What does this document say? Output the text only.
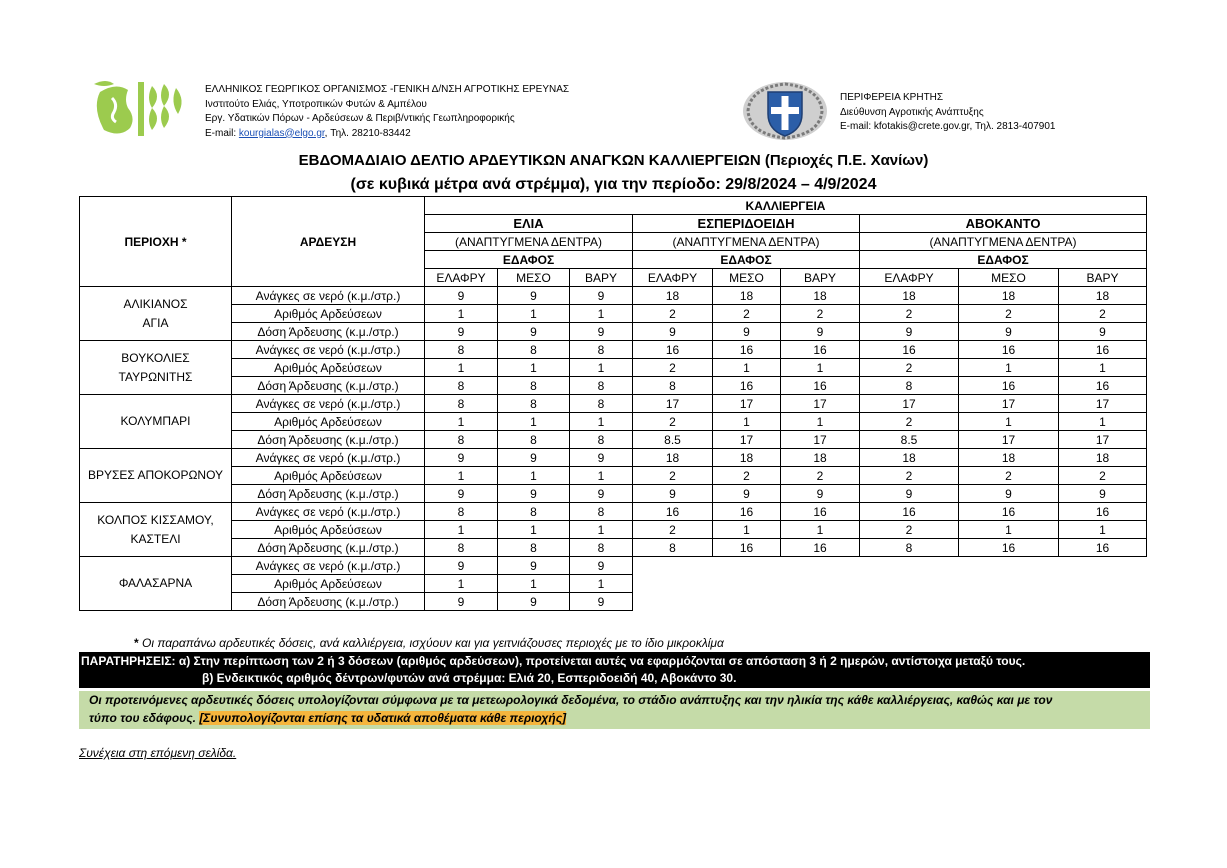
ΕΛΛΗΝΙΚΟΣ ΓΕΩΡΓΙΚΟΣ ΟΡΓΑΝΙΣΜΟΣ -ΓΕΝΙΚΗ Δ/ΝΣΗ ΑΓΡΟΤΙΚΗΣ ΕΡΕΥΝΑΣ
Ινστιτούτο Ελιάς, Υποτροπικών Φυτών & Αμπέλου
Εργ. Υδατικών Πόρων - Αρδεύσεων & Περιβ/ντικής Γεωπληροφορικής
E-mail: kourgialas@elgo.gr, Τηλ. 28210-83442
ΠΕΡΙΦΕΡΕΙΑ ΚΡΗΤΗΣ
Διεύθυνση Αγροτικής Ανάπτυξης
E-mail: kfotakis@crete.gov.gr, Τηλ. 2813-407901
ΕΒΔΟΜΑΔΙΑΙΟ ΔΕΛΤΙΟ ΑΡΔΕΥΤΙΚΩΝ ΑΝΑΓΚΩΝ ΚΑΛΛΙΕΡΓΕΙΩΝ (Περιοχές Π.Ε. Χανίων)
(σε κυβικά μέτρα ανά στρέμμα), για την περίοδο: 29/8/2024 – 4/9/2024
ΠΕΡΙΟΧΗ *	ΑΡΔΕΥΣΗ	ΚΑΛΛΙΕΡΓΕΙΑ								
		ΕΛΙΑ			ΕΣΠΕΡΙΔΟΕΙΔΗ			ΑΒΟΚΑΝΤΟ		
		(ΑΝΑΠΤΥΓΜΕΝΑ ΔΕΝΤΡΑ)			(ΑΝΑΠΤΥΓΜΕΝΑ ΔΕΝΤΡΑ)			(ΑΝΑΠΤΥΓΜΕΝΑ ΔΕΝΤΡΑ)		
		ΕΔΑΦΟΣ			ΕΔΑΦΟΣ			ΕΔΑΦΟΣ		
		ΕΛΑΦΡΥ	ΜΕΣΟ	ΒΑΡΥ	ΕΛΑΦΡΥ	ΜΕΣΟ	ΒΑΡΥ	ΕΛΑΦΡΥ	ΜΕΣΟ	ΒΑΡΥ

ΑΛΙΚΙΑΝΟΣ
ΑΓΙΑ	Ανάγκες σε νερό (κ.μ./στρ.)	9	9	9	18	18	18	18	18	18
	Αριθμός Αρδεύσεων	1	1	1	2	2	2	2	2	2
	Δόση Άρδευσης (κ.μ./στρ.)	9	9	9	9	9	9	9	9	9

ΒΟΥΚΟΛΙΕΣ
ΤΑΥΡΩΝΙΤΗΣ	Ανάγκες σε νερό (κ.μ./στρ.)	8	8	8	16	16	16	16	16	16
	Αριθμός Αρδεύσεων	1	1	1	2	1	1	2	1	1
	Δόση Άρδευσης (κ.μ./στρ.)	8	8	8	8	16	16	8	16	16

ΚΟΛΥΜΠΑΡΙ	Ανάγκες σε νερό (κ.μ./στρ.)	8	8	8	17	17	17	17	17	17
	Αριθμός Αρδεύσεων	1	1	1	2	1	1	2	1	1
	Δόση Άρδευσης (κ.μ./στρ.)	8	8	8	8.5	17	17	8.5	17	17

ΒΡΥΣΕΣ ΑΠΟΚΟΡΩΝΟΥ	Ανάγκες σε νερό (κ.μ./στρ.)	9	9	9	18	18	18	18	18	18
	Αριθμός Αρδεύσεων	1	1	1	2	2	2	2	2	2
	Δόση Άρδευσης (κ.μ./στρ.)	9	9	9	9	9	9	9	9	9

ΚΟΛΠΟΣ ΚΙΣΣΑΜΟΥ,
ΚΑΣΤΕΛΙ	Ανάγκες σε νερό (κ.μ./στρ.)	8	8	8	16	16	16	16	16	16
	Αριθμός Αρδεύσεων	1	1	1	2	1	1	2	1	1
	Δόση Άρδευσης (κ.μ./στρ.)	8	8	8	8	16	16	8	16	16

ΦΑΛΑΣΑΡΝΑ	Ανάγκες σε νερό (κ.μ./στρ.)	9	9	9						
	Αριθμός Αρδεύσεων	1	1	1						
	Δόση Άρδευσης (κ.μ./στρ.)	9	9	9						
* Οι παραπάνω αρδευτικές δόσεις, ανά καλλιέργεια, ισχύουν και για γειτνιάζουσες περιοχές με το ίδιο μικροκλίμα
ΠΑΡΑΤΗΡΗΣΕΙΣ: α) Στην περίπτωση των 2 ή 3 δόσεων (αριθμός αρδεύσεων), προτείνεται αυτές να εφαρμόζονται σε απόσταση 3 ή 2 ημερών, αντίστοιχα μεταξύ τους.
β) Ενδεικτικός αριθμός δέντρων/φυτών ανά στρέμμα: Ελιά 20, Εσπεριδοειδή 40, Αβοκάντο 30.
Οι προτεινόμενες αρδευτικές δόσεις υπολογίζονται σύμφωνα με τα μετεωρολογικά δεδομένα, το στάδιο ανάπτυξης και την ηλικία της κάθε καλλιέργειας, καθώς και με τον
τύπο του εδάφους. [Συνυπολογίζονται επίσης τα υδατικά αποθέματα κάθε περιοχής]
Συνέχεια στη επόμενη σελίδα.
